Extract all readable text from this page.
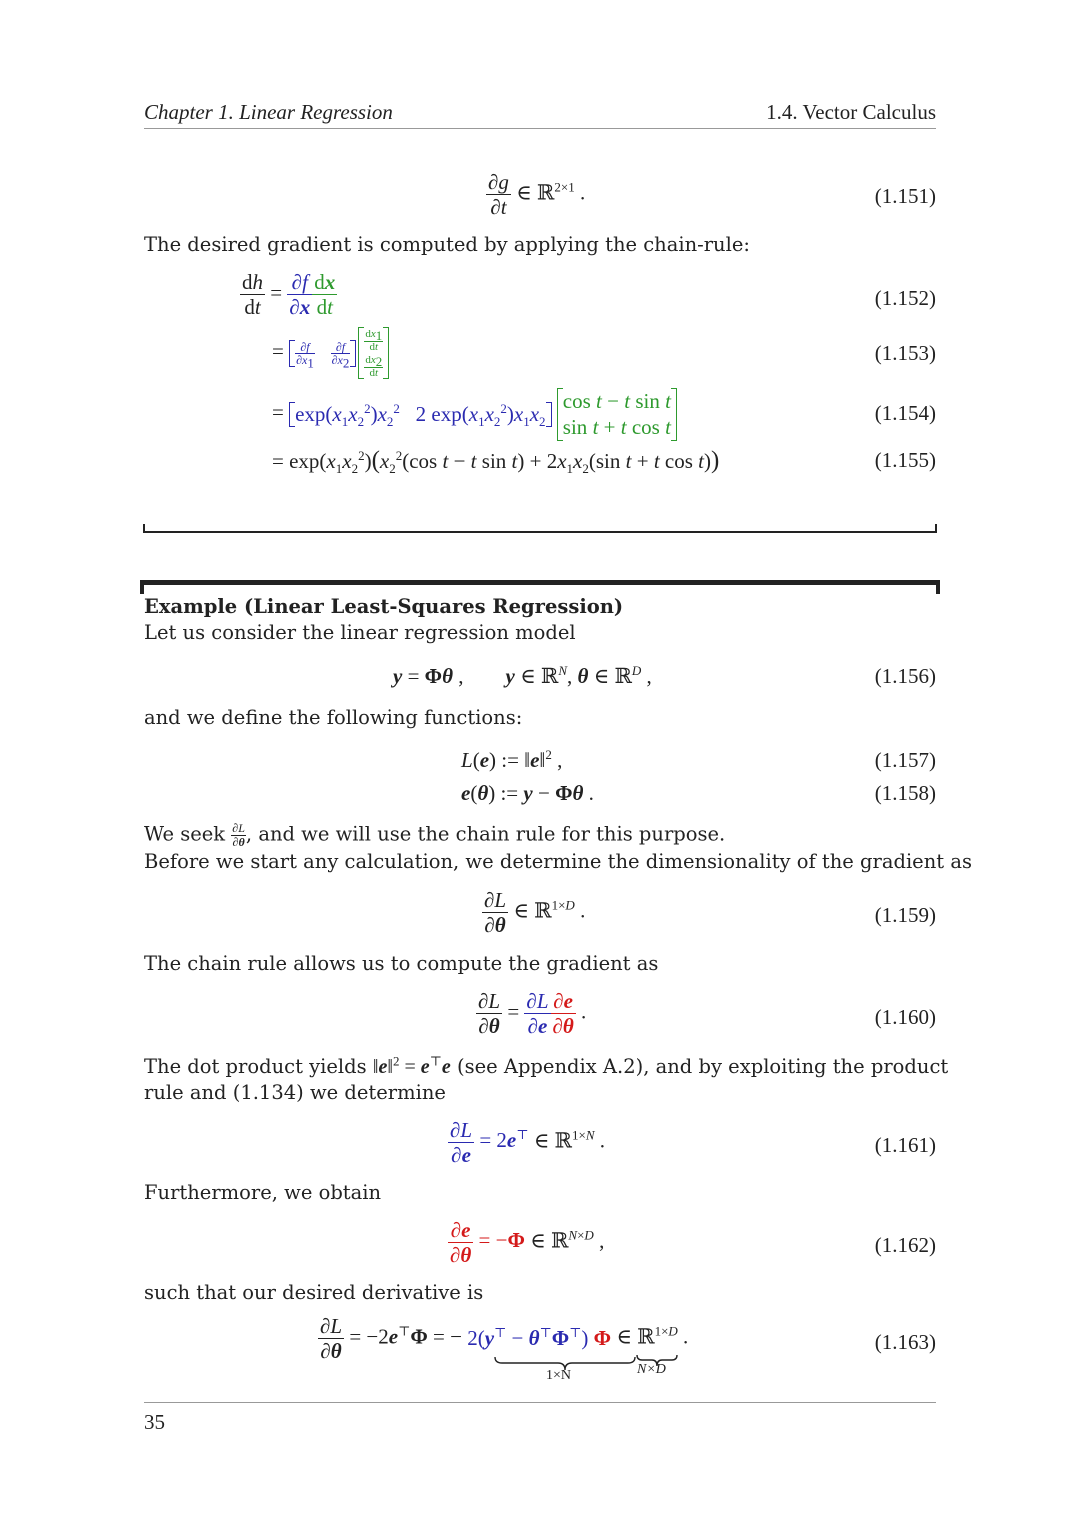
Chapter 1. Linear Regression	1.4. Vector Calculus
$\frac{\partial g}{\partial t}$ ∈ ℝ$^{2\times 1}$ .	(1.151)
The desired gradient is computed by applying the chain-rule:
$\frac{dh}{dt} = \frac{\partial f}{\partial x} \frac{dx}{dt}$	(1.152)
= $\frac{\partial f}{\partial x_1}$
$\frac{\partial f}{\partial x_2} \frac{dx_1}{dt}$
$\frac{dx_2}{dt}$
(1.153)
= $\exp(x_1x_2^2)x_2^2$   2 $\exp(x_1x_2^2)x_1x_2$
cos t − t sin t
sin t + t cos t
(1.154)
= $\exp(x_1x_2^2)(x_2^2(\cos$ t − t $\sin t) + 2x_1x_2(\sin$ t + t cos t))	(1.155)
Example (Linear Least-Squares Regression)
Let us consider the linear regression model
y = Φθ ,        y ∈ ℝ$^N$, θ ∈ ℝ$^D$ ,	(1.156)
and we define the following functions:
L(e) := ‖e‖$^2$ ,	(1.157)
e(θ) := y − Φθ .	(1.158)
We seek $\frac{\partial L}{\partial\theta}$ , and we will use the chain rule for this purpose.
Before we start any calculation, we determine the dimensionality of the gradient as
$\frac{\partial L}{\partial\theta}$ ∈ ℝ$^{1\times D}$ .	(1.159)
The chain rule allows us to compute the gradient as
$\frac{\partial L}{\partial\theta} = \frac{\partial L}{\partial e} \frac{\partial e}{\partial\theta}$ .	(1.160)
The dot product yields ‖e‖$^2$ = e⊤e (see Appendix A.2), and by exploiting the product
rule and (1.134) we determine
$\frac{\partial L}{\partial e} = 2e^⊤$ ∈ ℝ$^{1\times N}$ .	(1.161)
Furthermore, we obtain
$\frac{\partial e}{\partial\theta} = -\Phi$ ∈ ℝ$^{N\times D}$ ,	(1.162)
such that our desired derivative is
$\frac{\partial L}{\partial\theta} = -2e^⊤\Phi$ = − 2(y⊤ − θ⊤Φ⊤) Φ ∈ ℝ$^{1\times D}$ .	(1.163)
1×N	N×D
35
